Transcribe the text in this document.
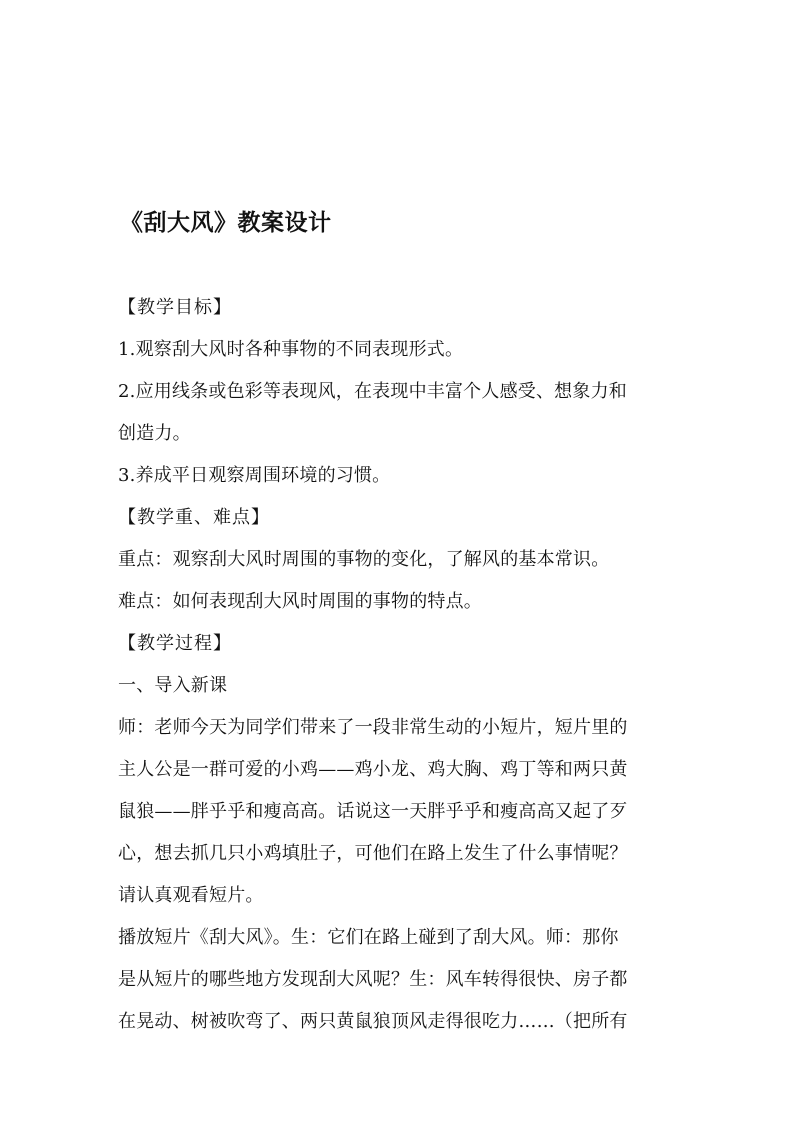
《刮大风》教案设计
【教学目标】
1.观察刮大风时各种事物的不同表现形式。
2.应用线条或色彩等表现风，在表现中丰富个人感受、想象力和
创造力。
3.养成平日观察周围环境的习惯。
【教学重、难点】
重点：观察刮大风时周围的事物的变化，了解风的基本常识。
难点：如何表现刮大风时周围的事物的特点。
【教学过程】
一、导入新课
师：老师今天为同学们带来了一段非常生动的小短片，短片里的
主人公是一群可爱的小鸡——鸡小龙、鸡大胸、鸡丁等和两只黄
鼠狼——胖乎乎和瘦高高。话说这一天胖乎乎和瘦高高又起了歹
心，想去抓几只小鸡填肚子，可他们在路上发生了什么事情呢？
请认真观看短片。
播放短片《刮大风》。生：它们在路上碰到了刮大风。师：那你
是从短片的哪些地方发现刮大风呢？生：风车转得很快、房子都
在晃动、树被吹弯了、两只黄鼠狼顶风走得很吃力……（把所有
